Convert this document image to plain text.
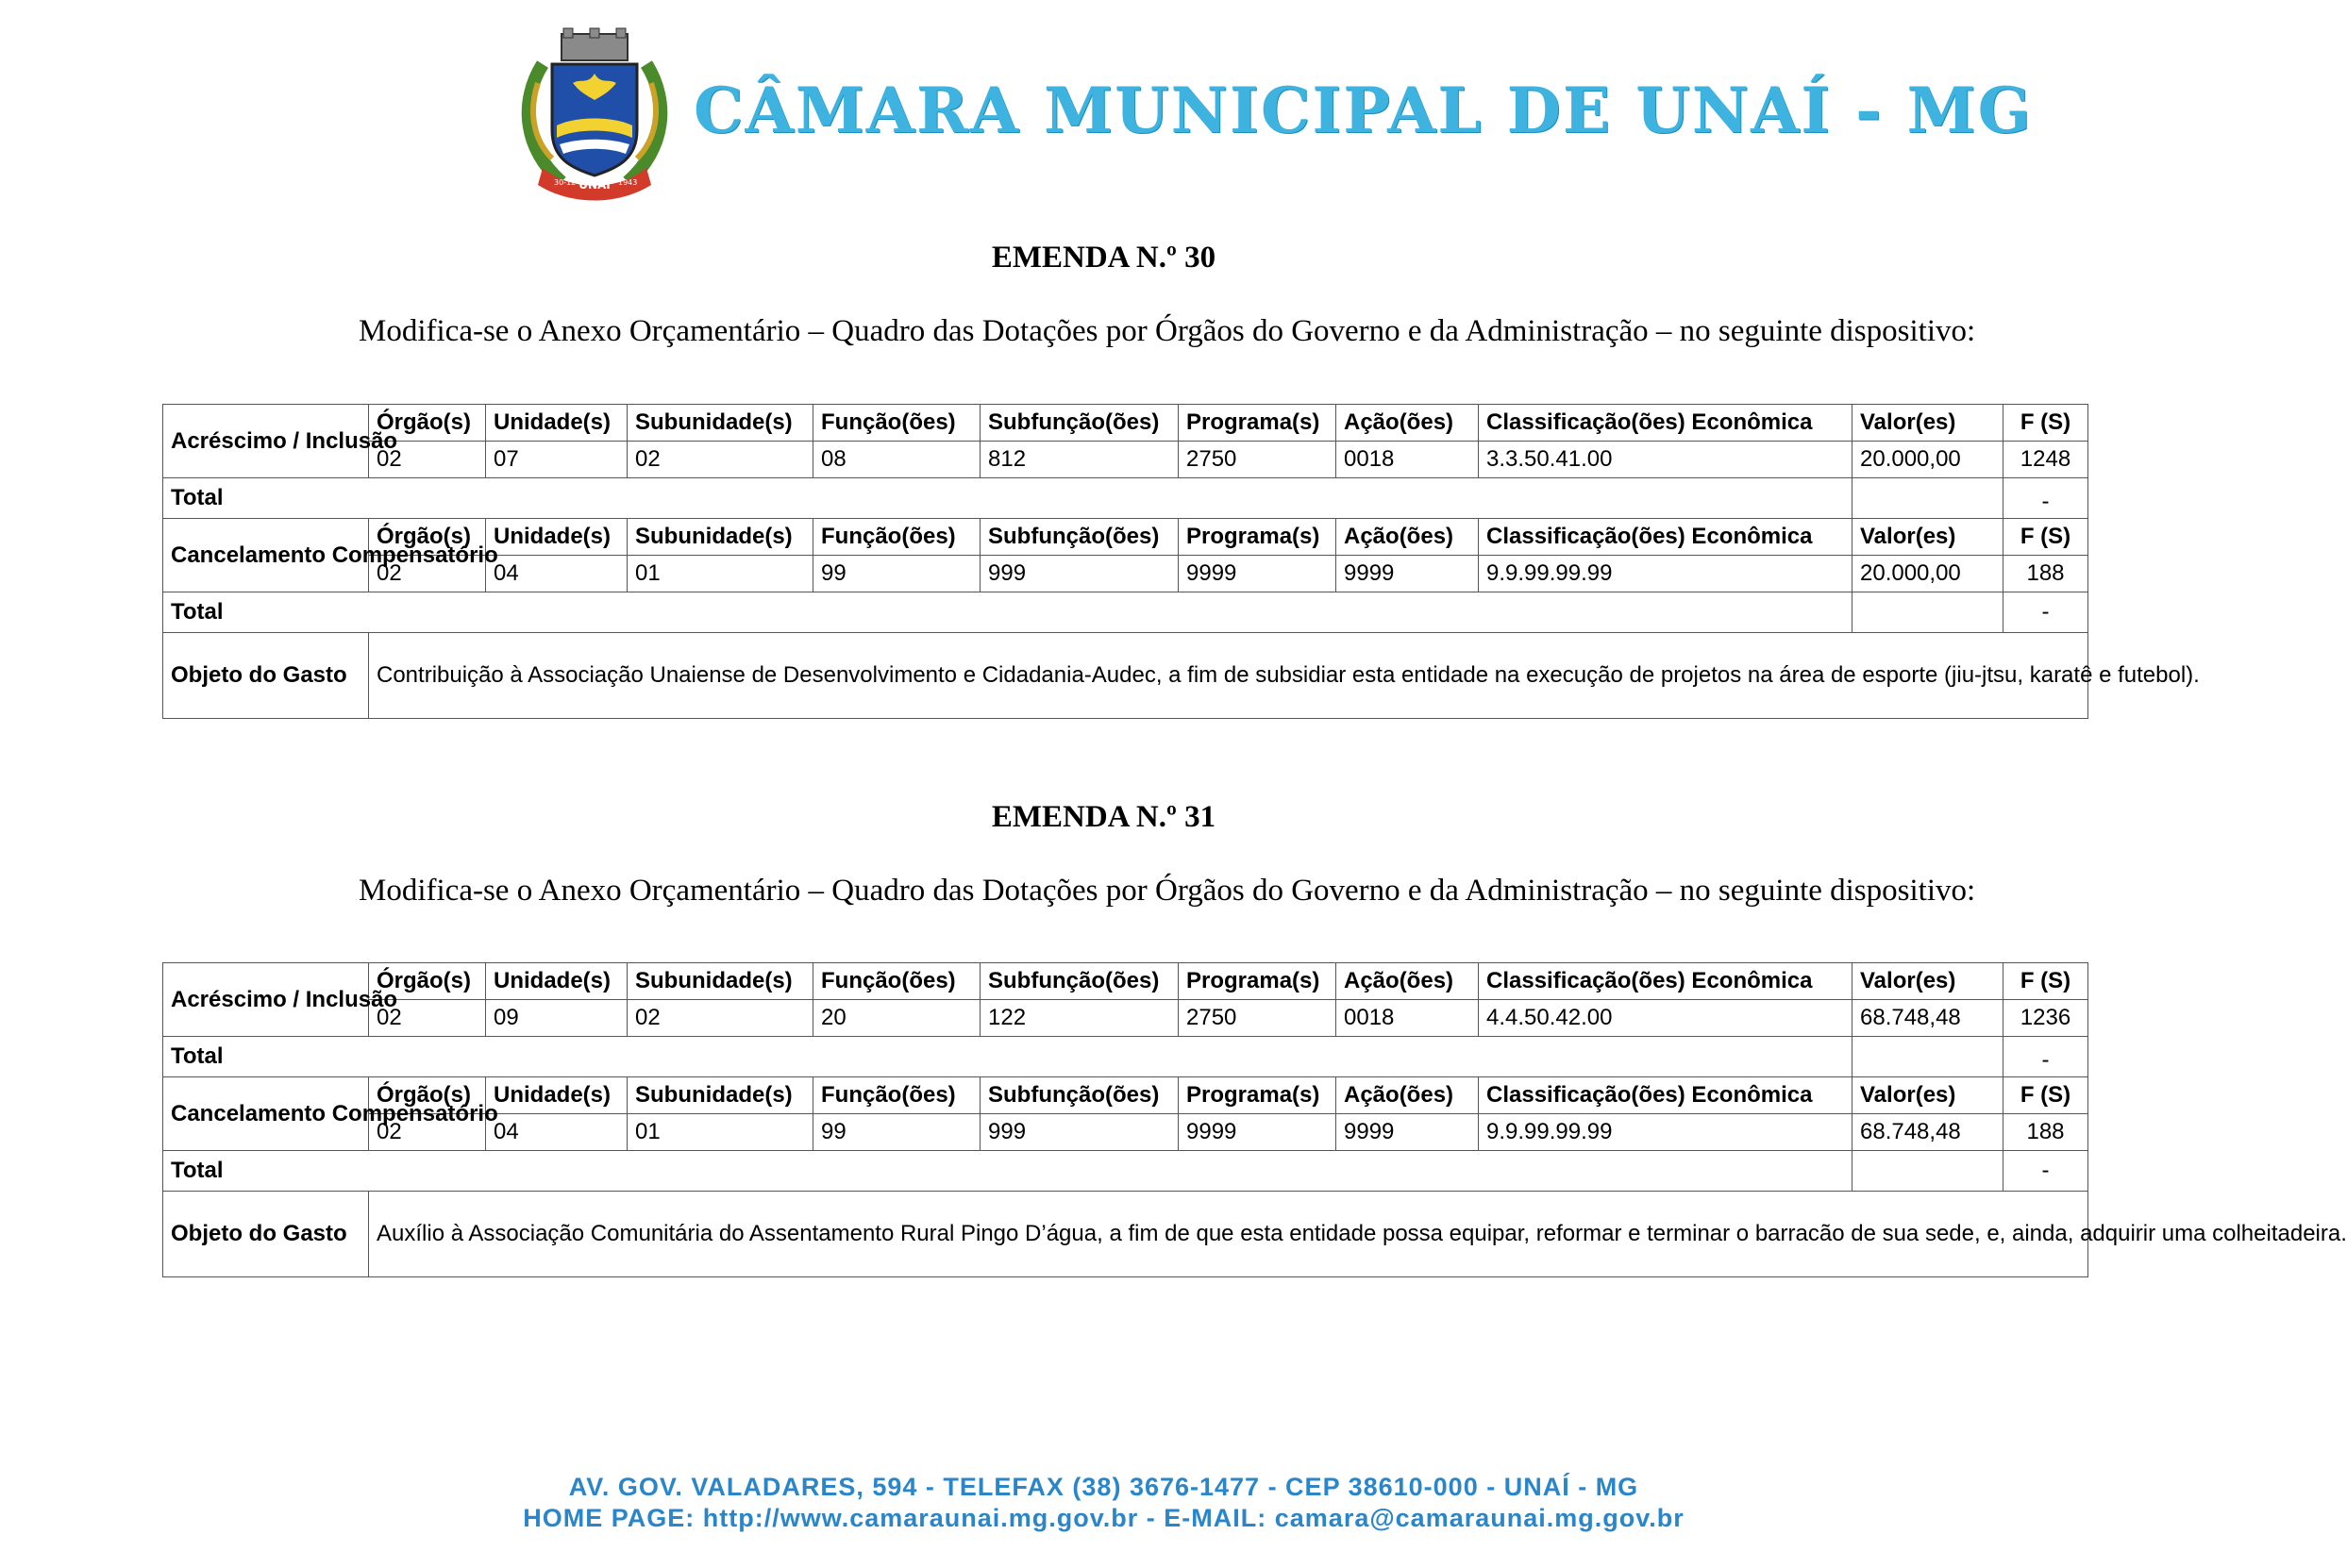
UNAÍ
30-12	1943
CÂMARA MUNICIPAL DE UNAÍ - MG
EMENDA N.º 30
Modifica-se o Anexo Orçamentário – Quadro das Dotações por Órgãos do Governo e da Administração – no seguinte dispositivo:
Acréscimo / Inclusão	Órgão(s)	Unidade(s)	Subunidade(s)	Função(ões)	Subfunção(ões)	Programa(s)	Ação(ões)	Classificação(ões) Econômica	Valor(es)	F (S)
	02	07	02	08	812	2750	0018	3.3.50.41.00	20.000,00	1248
Total										-
Cancelamento Compensatório	Órgão(s)	Unidade(s)	Subunidade(s)	Função(ões)	Subfunção(ões)	Programa(s)	Ação(ões)	Classificação(ões) Econômica	Valor(es)	F (S)
	02	04	01	99	999	9999	9999	9.9.99.99.99	20.000,00	188
Total										-
Objeto do Gasto	Contribuição à Associação Unaiense de Desenvolvimento e Cidadania-Audec, a fim de subsidiar esta entidade na execução de projetos na área de esporte (jiu-jtsu, karatê e futebol).									
EMENDA N.º 31
Modifica-se o Anexo Orçamentário – Quadro das Dotações por Órgãos do Governo e da Administração – no seguinte dispositivo:
Acréscimo / Inclusão	Órgão(s)	Unidade(s)	Subunidade(s)	Função(ões)	Subfunção(ões)	Programa(s)	Ação(ões)	Classificação(ões) Econômica	Valor(es)	F (S)
	02	09	02	20	122	2750	0018	4.4.50.42.00	68.748,48	1236
Total										-
Cancelamento Compensatório	Órgão(s)	Unidade(s)	Subunidade(s)	Função(ões)	Subfunção(ões)	Programa(s)	Ação(ões)	Classificação(ões) Econômica	Valor(es)	F (S)
	02	04	01	99	999	9999	9999	9.9.99.99.99	68.748,48	188
Total										-
Objeto do Gasto	Auxílio à Associação Comunitária do Assentamento Rural Pingo D’água, a fim de que esta entidade possa equipar, reformar e terminar o barracão de sua sede, e, ainda, adquirir uma colheitadeira.									
AV. GOV. VALADARES, 594 - TELEFAX (38) 3676-1477 - CEP 38610-000 - UNAÍ - MG
HOME PAGE: http://www.camaraunai.mg.gov.br - E-MAIL: camara@camaraunai.mg.gov.br
